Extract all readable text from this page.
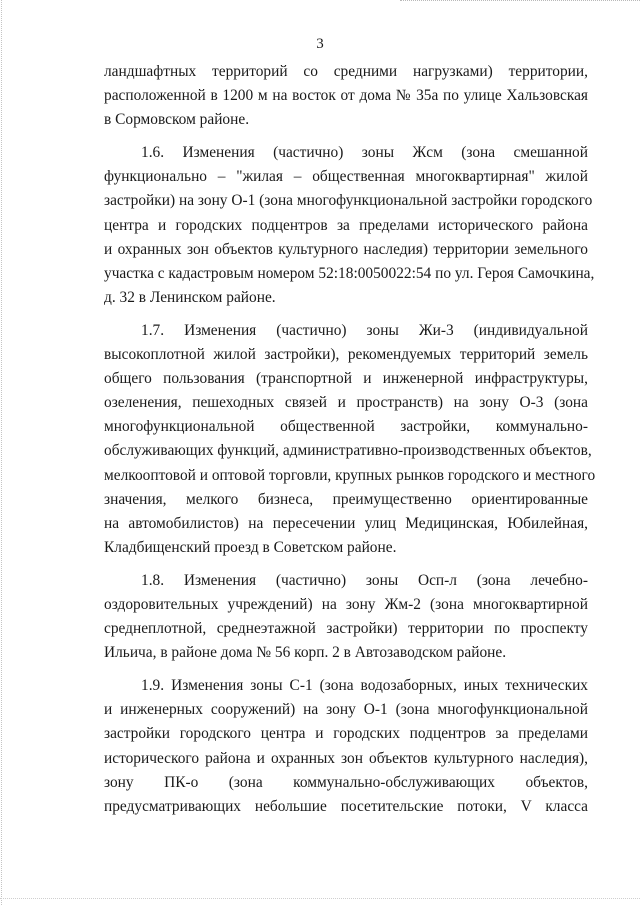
3
ландшафтных территорий со средними нагрузками) территории,
расположенной в 1200 м на восток от дома № 35а по улице Хальзовская
в Сормовском районе.
1.6. Изменения (частично) зоны Жсм (зона смешанной
функционально – "жилая – общественная многоквартирная" жилой
застройки) на зону О-1 (зона многофункциональной застройки городского
центра и городских подцентров за пределами исторического района
и охранных зон объектов культурного наследия) территории земельного
участка с кадастровым номером 52:18:0050022:54 по ул. Героя Самочкина,
д. 32 в Ленинском районе.
1.7. Изменения (частично) зоны Жи-3 (индивидуальной
высокоплотной жилой застройки), рекомендуемых территорий земель
общего пользования (транспортной и инженерной инфраструктуры,
озеленения, пешеходных связей и пространств) на зону О-3 (зона
многофункциональной общественной застройки, коммунально-
обслуживающих функций, административно-производственных объектов,
мелкооптовой и оптовой торговли, крупных рынков городского и местного
значения, мелкого бизнеса, преимущественно ориентированные
на автомобилистов) на пересечении улиц Медицинская, Юбилейная,
Кладбищенский проезд в Советском районе.
1.8. Изменения (частично) зоны Осп-л (зона лечебно-
оздоровительных учреждений) на зону Жм-2 (зона многоквартирной
среднеплотной, среднеэтажной застройки) территории по проспекту
Ильича, в районе дома № 56 корп. 2 в Автозаводском районе.
1.9. Изменения зоны С-1 (зона водозаборных, иных технических
и инженерных сооружений) на зону О-1 (зона многофункциональной
застройки городского центра и городских подцентров за пределами
исторического района и охранных зон объектов культурного наследия),
зону ПК-о (зона коммунально-обслуживающих объектов,
предусматривающих небольшие посетительские потоки, V класса
